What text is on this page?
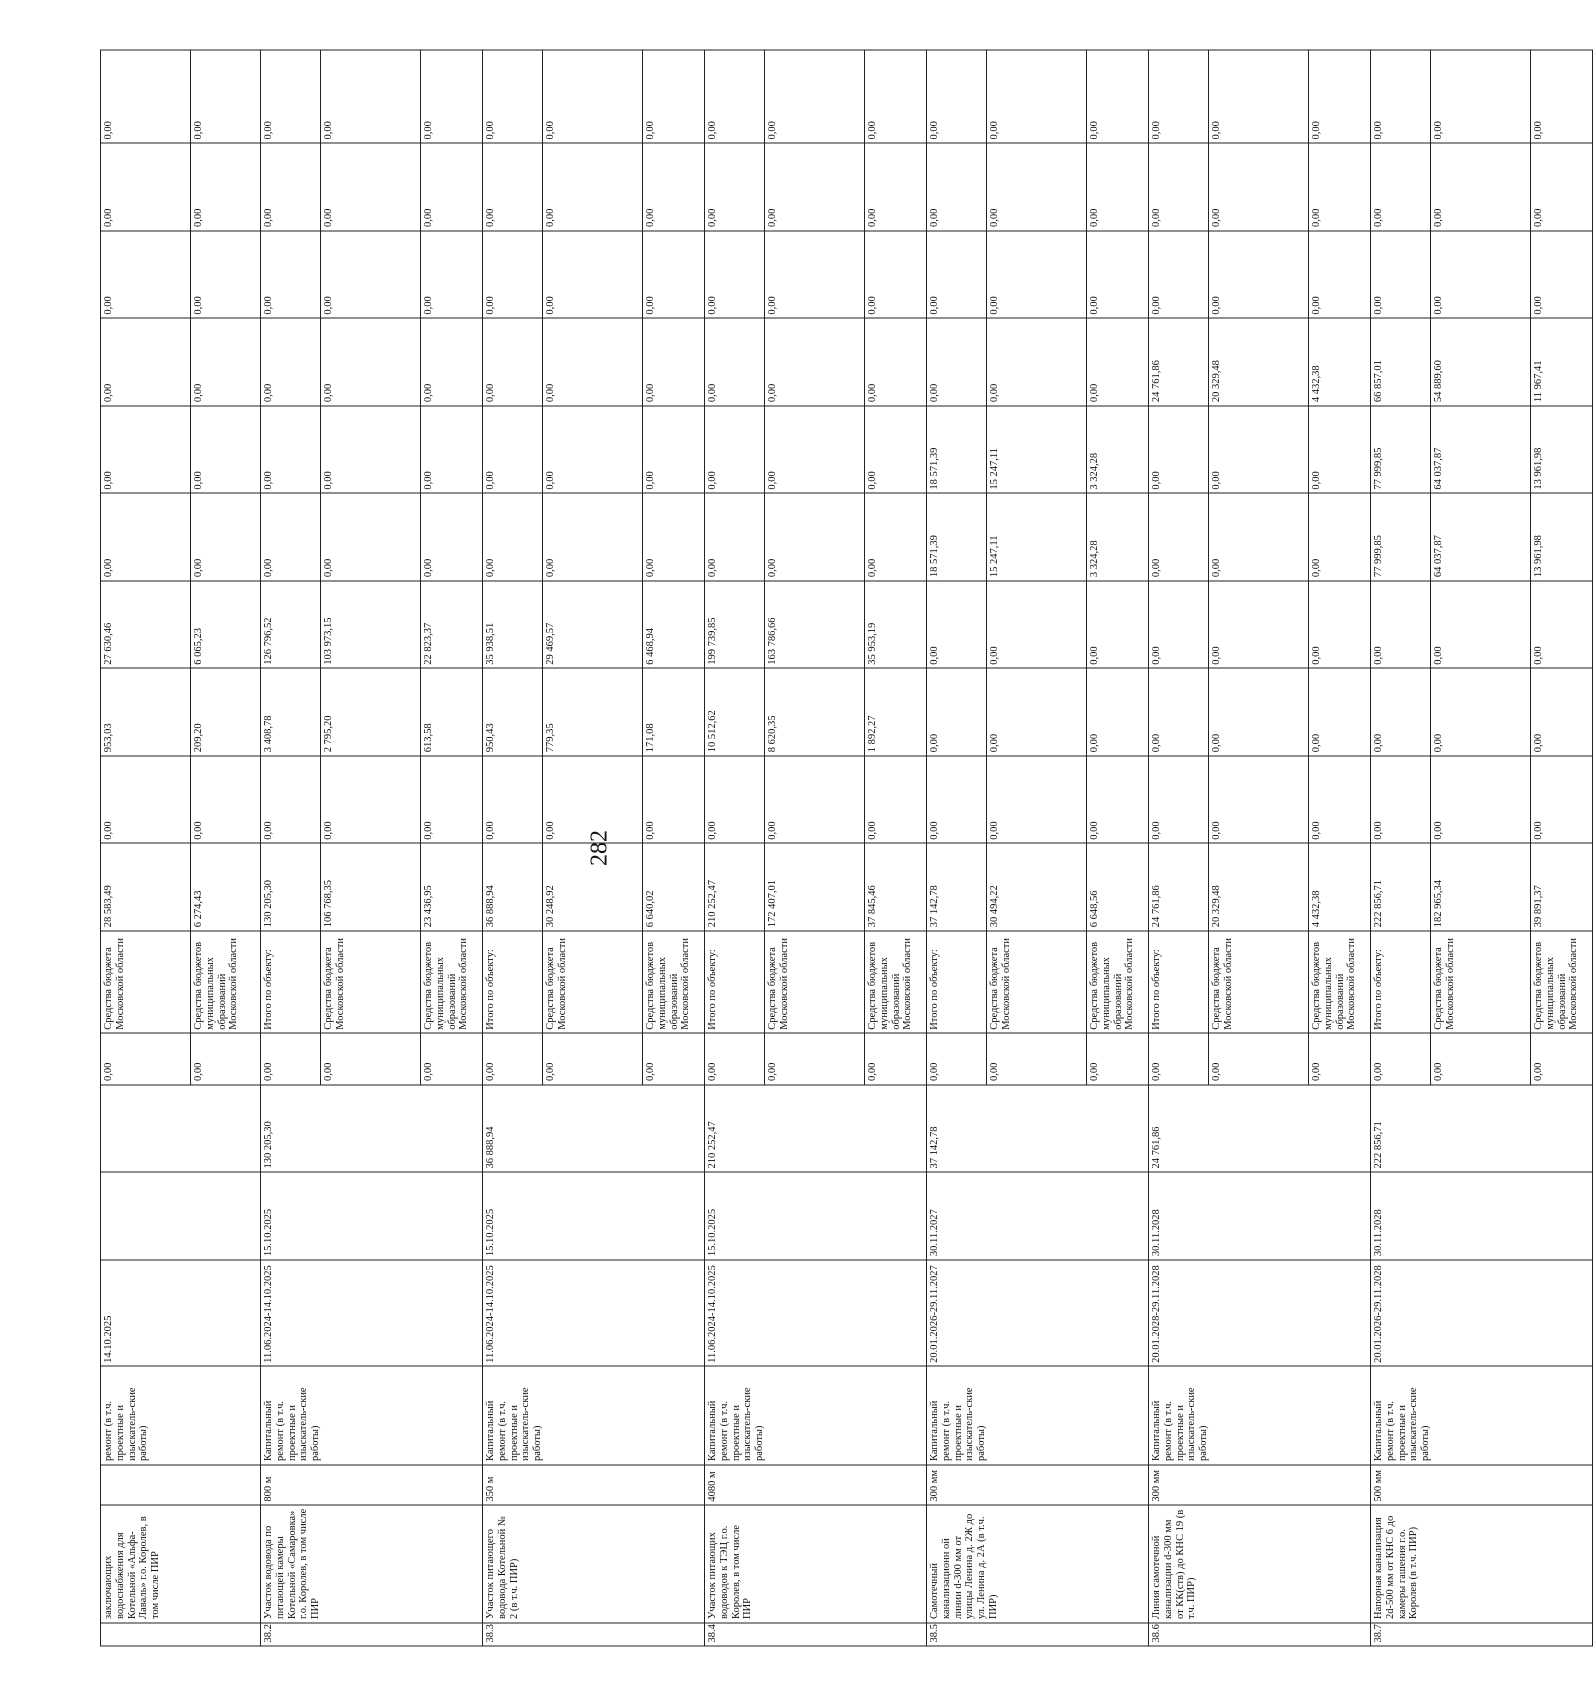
282
	заключающих водоснабжения для Котельной «Альфа-Лаваль» г.о. Королев, в том числе ПИР		ремонт (в т.ч. проектные и изыскатель-ские работы)	14.10.2025			0,00	Средства бюджета Московской области	28 583,49	0,00	953,03	27 630,46	0,00	0,00	0,00	0,00	0,00	0,00
							0,00	Средства бюджетов муниципальных образований Московской области	6 274,43	0,00	209,20	6 065,23	0,00	0,00	0,00	0,00	0,00	0,00
38.2	Участок водовода по питающей камеры Котельной «Самаровка» г.о. Королев, в том числе ПИР	800 м	Капитальный ремонт (в т.ч. проектные и изыскатель-ские работы)	11.06.2024-14.10.2025	15.10.2025	130 205,30	0,00	Итого по объекту:	130 205,30	0,00	3 408,78	126 796,52	0,00	0,00	0,00	0,00	0,00	0,00
							0,00	Средства бюджета Московской области	106 768,35	0,00	2 795,20	103 973,15	0,00	0,00	0,00	0,00	0,00	0,00
							0,00	Средства бюджетов муниципальных образований Московской области	23 436,95	0,00	613,58	22 823,37	0,00	0,00	0,00	0,00	0,00	0,00
38.3	Участок питающего водовода Котельной № 2 (в т.ч. ПИР)	350 м	Капитальный ремонт (в т.ч. проектные и изыскатель-ские работы)	11.06.2024-14.10.2025	15.10.2025	36 888,94	0,00	Итого по объекту:	36 888,94	0,00	950,43	35 938,51	0,00	0,00	0,00	0,00	0,00	0,00
							0,00	Средства бюджета Московской области	30 248,92	0,00	779,35	29 469,57	0,00	0,00	0,00	0,00	0,00	0,00
							0,00	Средства бюджетов муниципальных образований Московской области	6 640,02	0,00	171,08	6 468,94	0,00	0,00	0,00	0,00	0,00	0,00
38.4	Участок питающих водоводов к ТЭЦ г.о. Королев, в том числе ПИР	4080 м	Капитальный ремонт (в т.ч. проектные и изыскатель-ские работы)	11.06.2024-14.10.2025	15.10.2025	210 252,47	0,00	Итого по объекту:	210 252,47	0,00	10 512,62	199 739,85	0,00	0,00	0,00	0,00	0,00	0,00
							0,00	Средства бюджета Московской области	172 407,01	0,00	8 620,35	163 786,66	0,00	0,00	0,00	0,00	0,00	0,00
							0,00	Средства бюджетов муниципальных образований Московской области	37 845,46	0,00	1 892,27	35 953,19	0,00	0,00	0,00	0,00	0,00	0,00
38.5	Самотечный канализационн ой линии d-300 мм от улицы Ленина д. 2Ж до ул. Ленина д. 2А (в т.ч. ПИР)	300 мм	Капитальный ремонт (в т.ч. проектные и изыскатель-ские работы)	20.01.2026-29.11.2027	30.11.2027	37 142,78	0,00	Итого по объекту:	37 142,78	0,00	0,00	0,00	18 571,39	18 571,39	0,00	0,00	0,00	0,00
							0,00	Средства бюджета Московской области	30 494,22	0,00	0,00	0,00	15 247,11	15 247,11	0,00	0,00	0,00	0,00
							0,00	Средства бюджетов муниципальных образований Московской области	6 648,56	0,00	0,00	0,00	3 324,28	3 324,28	0,00	0,00	0,00	0,00
38.6	Линия самотечной канализации d-300 мм от КК(ств) до КНС 19 (в т.ч. ПИР)	300 мм	Капитальный ремонт (в т.ч. проектные и изыскатель-ские работы)	20.01.2028-29.11.2028	30.11.2028	24 761,86	0,00	Итого по объекту:	24 761,86	0,00	0,00	0,00	0,00	0,00	24 761,86	0,00	0,00	0,00
							0,00	Средства бюджета Московской области	20 329,48	0,00	0,00	0,00	0,00	0,00	20 329,48	0,00	0,00	0,00
							0,00	Средства бюджетов муниципальных образований Московской области	4 432,38	0,00	0,00	0,00	0,00	0,00	4 432,38	0,00	0,00	0,00
38.7	Напорная канализация 2d-500 мм от КНС 6 до камеры гашения г.о. Королев (в т.ч. ПИР)	500 мм	Капитальный ремонт (в т.ч. проектные и изыскатель-ские работы)	20.01.2026-29.11.2028	30.11.2028	222 856,71	0,00	Итого по объекту:	222 856,71	0,00	0,00	0,00	77 999,85	77 999,85	66 857,01	0,00	0,00	0,00
							0,00	Средства бюджета Московской области	182 965,34	0,00	0,00	0,00	64 037,87	64 037,87	54 889,60	0,00	0,00	0,00
							0,00	Средства бюджетов муниципальных образований Московской области	39 891,37	0,00	0,00	0,00	13 961,98	13 961,98	11 967,41	0,00	0,00	0,00
